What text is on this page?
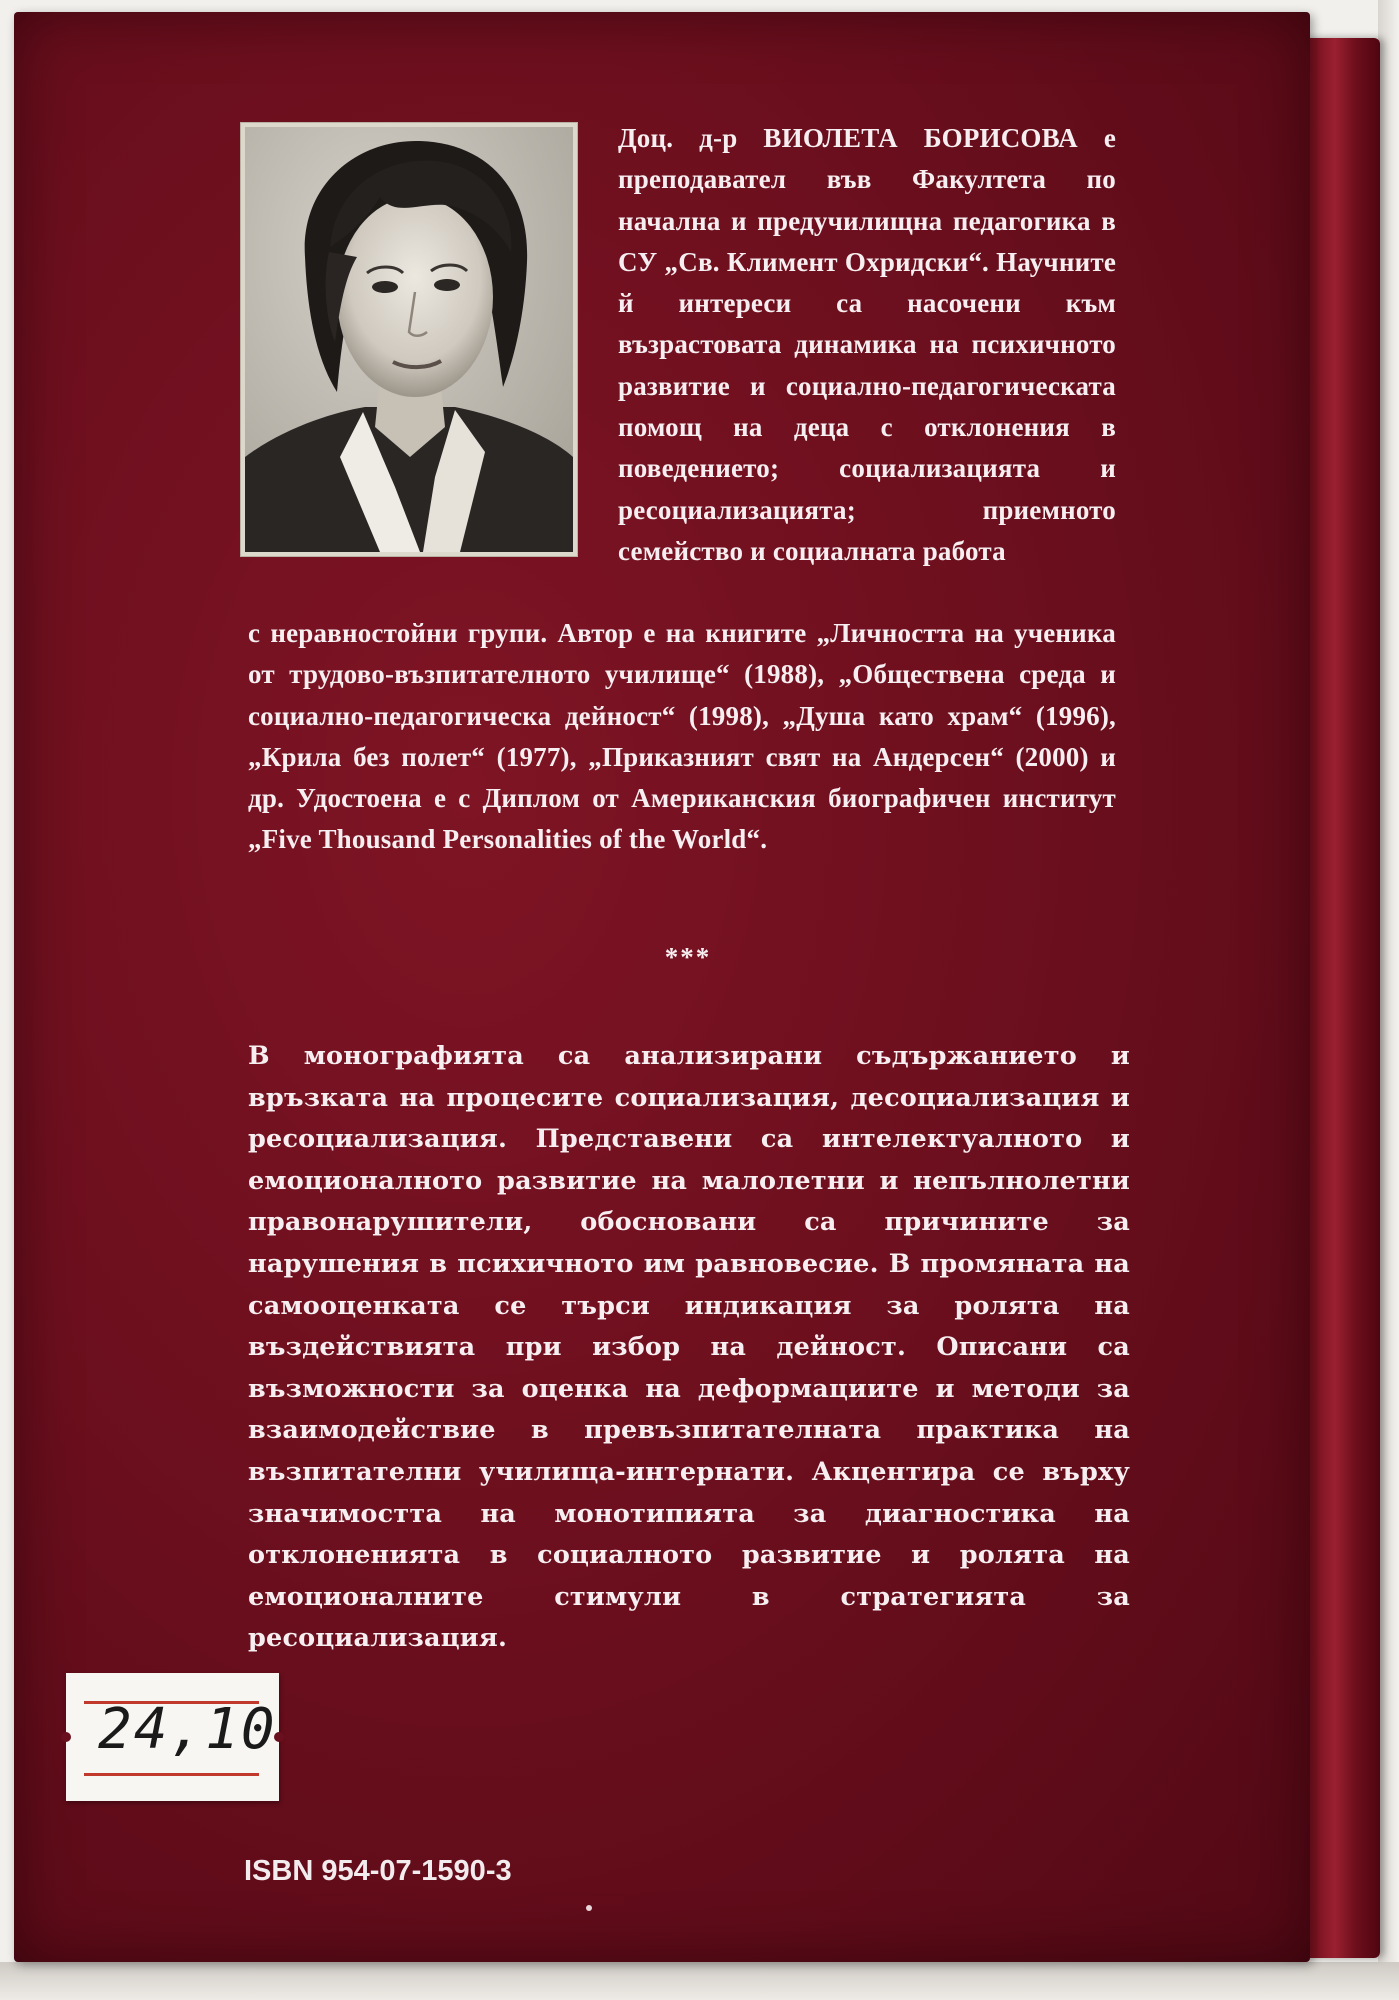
Доц. д-р ВИОЛЕТА БОРИСОВА е преподавател във Факултета по начална и предучилищна педагогика в СУ „Св. Климент Охридски“. Научните й интереси са насочени към възрастовата динамика на психичното развитие и социално-педагогическата помощ на деца с отклонения в поведението; социализацията и ресоциализацията; приемното семейство и социалната работа
с неравностойни групи. Автор е на книгите „Личността на ученика от трудово-възпитателното училище“ (1988), „Обществена среда и социално-педагогическа дейност“ (1998), „Душа като храм“ (1996), „Крила без полет“ (1977), „Приказният свят на Андерсен“ (2000) и др. Удостоена е с Диплом от Американския биографичен институт „Five Thousand Personalities of the World“.
***
В монографията са анализирани съдържанието и връзката на процесите социализация, десоциализация и ресоциализация. Представени са интелектуалното и емоционалното развитие на малолетни и непълнолетни правонарушители, обосновани са причините за нарушения в психичното им равновесие. В промяната на самооценката се търси индикация за ролята на въздействията при избор на дейност. Описани са възможности за оценка на деформациите и методи за взаимодействие в превъзпитателната практика на възпитателни училища-интернати. Акцентира се върху значимостта на монотипията за диагностика на отклоненията в социалното развитие и ролята на емоционалните стимули в стратегията за ресоциализация.
24,10
ISBN 954-07-1590-3
